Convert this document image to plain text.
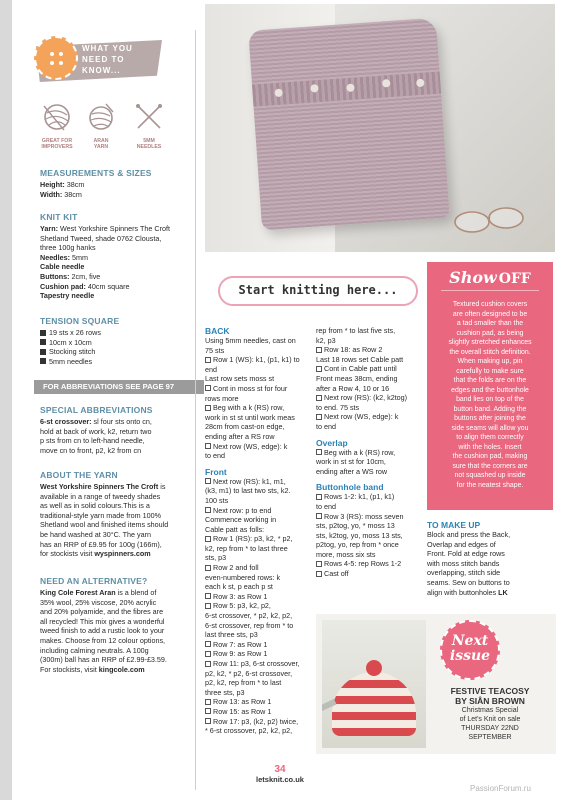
WHAT YOU
NEED TO
KNOW...
GREAT FOR
IMPROVERS
ARAN
YARN
5MM
NEEDLES
MEASUREMENTS & SIZES
Height: 38cm
Width: 38cm
KNIT KIT
Yarn: West Yorkshire Spinners The Croft
Shetland Tweed, shade 0762 Clousta,
three 100g hanks
Needles: 5mm
Cable needle
Buttons: 2cm, five
Cushion pad: 40cm square
Tapestry needle
TENSION SQUARE
19 sts x 26 rows
10cm x 10cm
Stocking stitch
5mm needles
FOR ABBREVIATIONS SEE PAGE 97
SPECIAL ABBREVIATIONS
6-st crossover: sl four sts onto cn,
hold at back of work, k2, return two
p sts from cn to left-hand needle,
move cn to front, p2, k2 from cn
ABOUT THE YARN
West Yorkshire Spinners The Croft is
available in a range of tweedy shades
as well as in solid colours.This is a
traditional-style yarn made from 100%
Shetland wool and finished items should
be hand washed at 30°C. The yarn
has an RRP of £9.95 for 100g (166m),
for stockists visit wyspinners.com
NEED AN ALTERNATIVE?
King Cole Forest Aran is a blend of
35% wool, 25% viscose, 20% acrylic
and 20% polyamide, and the fibres are
all recycled! This mix gives a wonderful
tweed finish to add a rustic look to your
makes. Choose from 12 colour options,
including calming neutrals. A 100g
(300m) ball has an RRP of £2.99-£3.59.
For stockists, visit kingcole.com
Start knitting here...
Show OFF
Textured cushion covers
are often designed to be
a tad smaller than the
cushion pad, as being
slightly stretched enhances
the overall stitch definition.
When making up, pin
carefully to make sure
that the folds are on the
edges and the buttonhole
band lies on top of the
button band. Adding the
buttons after joining the
side seams will allow you
to align them correctly
with the holes. Insert
the cushion pad, making
sure that the corners are
not squashed up inside
for the neatest shape.
BACK
Using 5mm needles, cast on
75 sts
Row 1 (WS): k1, (p1, k1) to end
Last row sets moss st
Cont in moss st for four
rows more
Beg with a k (RS) row,
work in st st until work meas
28cm from cast-on edge,
ending after a RS row
Next row (WS, edge): k
to end
Front
Next row (RS): k1, m1,
(k3, m1) to last two sts, k2.
100 sts
Next row: p to end
Commence working in
Cable patt as folls:
Row 1 (RS): p3, k2, * p2,
k2, rep from * to last three
sts, p3
Row 2 and foll
even-numbered rows: k
each k st, p each p st
Row 3: as Row 1
Row 5: p3, k2, p2,
6-st crossover, * p2, k2, p2,
6-st crossover, rep from * to
last three sts, p3
Row 7: as Row 1
Row 9: as Row 1
Row 11: p3, 6-st crossover,
p2, k2, * p2, 6-st crossover,
p2, k2, rep from * to last
three sts, p3
Row 13: as Row 1
Row 15: as Row 1
Row 17: p3, (k2, p2) twice,
* 6-st crossover, p2, k2, p2,
rep from * to last five sts,
k2, p3
Row 18: as Row 2
Last 18 rows set Cable patt
Cont in Cable patt until
Front meas 38cm, ending
after a Row 4, 10 or 16
Next row (RS): (k2, k2tog)
to end. 75 sts
Next row (WS, edge): k
to end
Overlap
Beg with a k (RS) row,
work in st st for 10cm,
ending after a WS row
Buttonhole band
Rows 1-2: k1, (p1, k1)
to end
Row 3 (RS): moss seven
sts, p2tog, yo, * moss 13
sts, k2tog, yo, moss 13 sts,
p2tog, yo, rep from * once
more, moss six sts
Rows 4-5: rep Rows 1-2
Cast off
TO MAKE UP
Block and press the Back,
Overlap and edges of
Front. Fold at edge rows
with moss stitch bands
overlapping, stitch side
seams. Sew on buttons to
align with buttonholes LK
Next
issue
FESTIVE TEACOSY
BY SIÂN BROWN
Christmas Special
of Let's Knit on sale
THURSDAY 22ND
SEPTEMBER
34
letsknit.co.uk
PassionForum.ru
